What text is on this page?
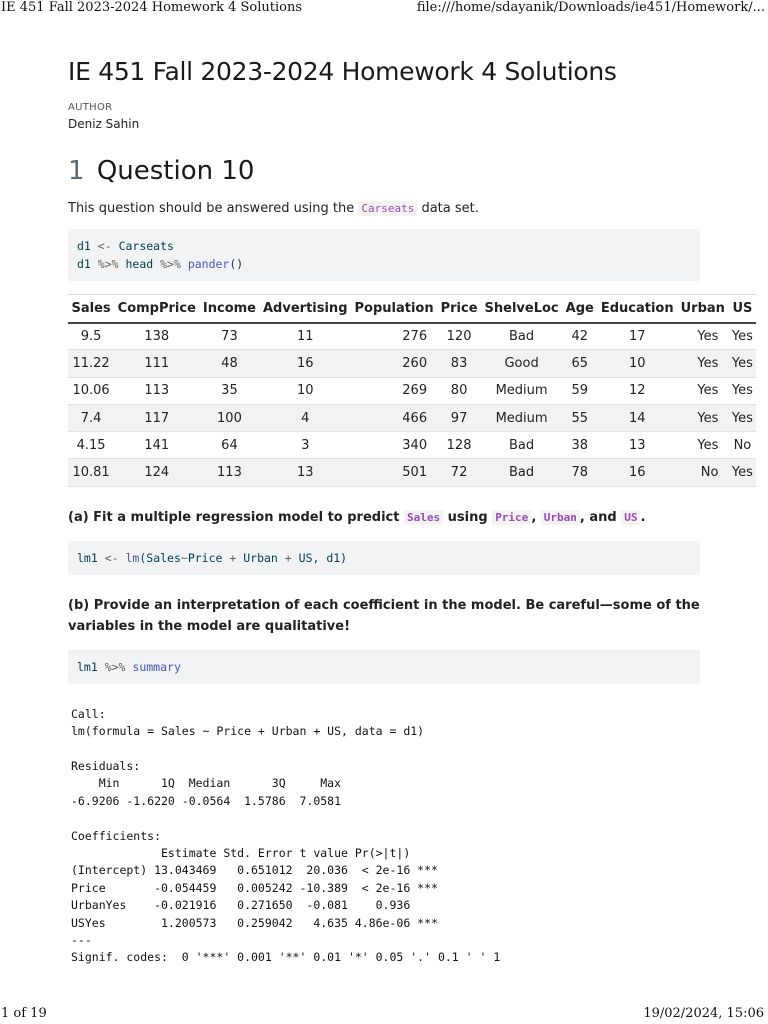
IE 451 Fall 2023-2024 Homework 4 Solutions	file:///home/sdayanik/Downloads/ie451/Homework/...
IE 451 Fall 2023-2024 Homework 4 Solutions
AUTHOR
Deniz Sahin
1 Question 10

This question should be answered using the Carseats data set.

d1 <- Carseats
d1 %>% head %>% pander()
Sales	CompPrice	Income	Advertising	Population	Price	ShelveLoc	Age	Education	Urban	US
9.5	138	73	11	276	120	Bad	42	17	Yes	Yes
11.22	111	48	16	260	83	Good	65	10	Yes	Yes
10.06	113	35	10	269	80	Medium	59	12	Yes	Yes
7.4	117	100	4	466	97	Medium	55	14	Yes	Yes
4.15	141	64	3	340	128	Bad	38	13	Yes	No
10.81	124	113	13	501	72	Bad	78	16	No	Yes

(a) Fit a multiple regression model to predict Sales using Price , Urban , and US .

lm1 <- lm(Sales~Price + Urban + US, d1)

(b) Provide an interpretation of each coefficient in the model. Be careful—some of the variables in the model are qualitative!

lm1 %>% summary
Call:
lm(formula = Sales ~ Price + Urban + US, data = d1)

Residuals:
Min      1Q  Median      3Q     Max
-6.9206 -1.6220 -0.0564  1.5786  7.0581

Coefficients:
Estimate Std. Error t value Pr(>|t|)
(Intercept) 13.043469   0.651012  20.036  < 2e-16 ***
Price       -0.054459   0.005242 -10.389  < 2e-16 ***
UrbanYes    -0.021916   0.271650  -0.081    0.936
USYes        1.200573   0.259042   4.635 4.86e-06 ***
---
Signif. codes:  0 '***' 0.001 '**' 0.01 '*' 0.05 '.' 0.1 ' ' 1
1 of 19	19/02/2024, 15:06
